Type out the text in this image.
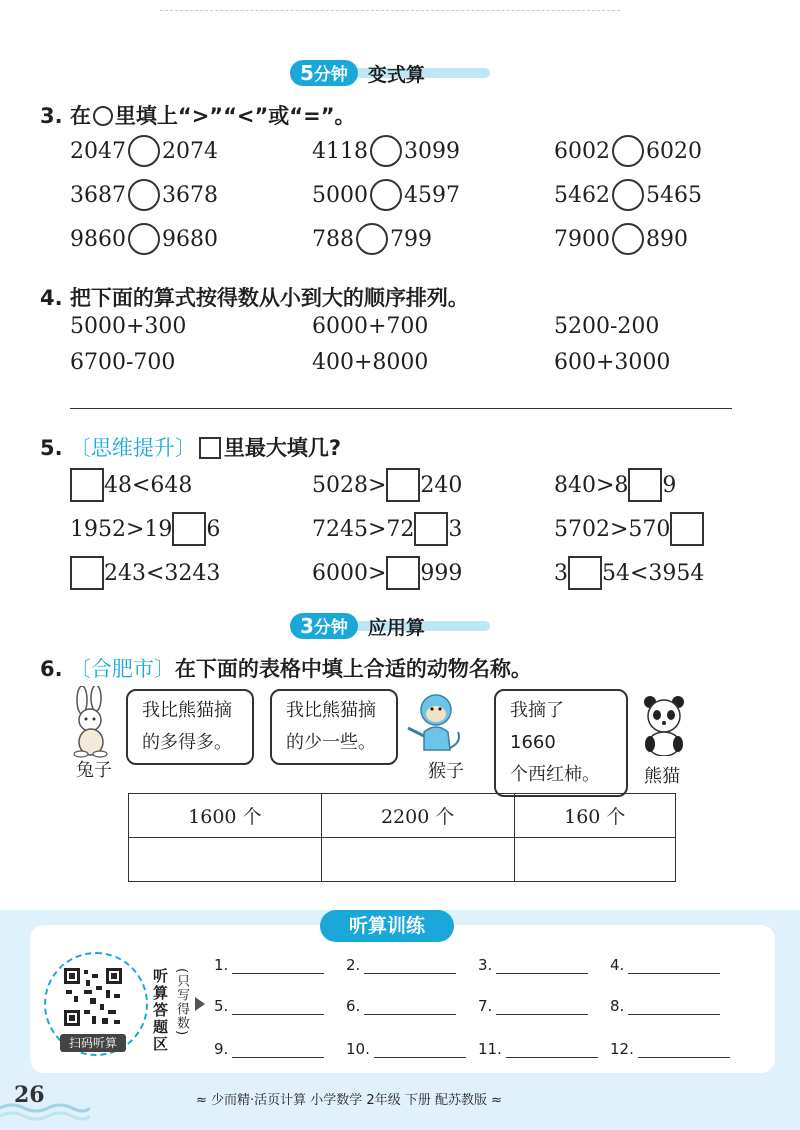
5分钟	变式算
3. 在 里填上“>”“<”或“=”。
2047 2074	4118 3099	6002 6020
3687 3678	5000 4597	5462 5465
9860 9680	788 799	7900 890
4. 把下面的算式按得数从小到大的顺序排列。
5000+300	6000+700	5200-200
6700-700	400+8000	600+3000
5. 〔思维提升〕 里最大填几?
48<648	5028> 240	840>8 9
1952>19 6	7245>72 3	5702>570
243<3243	6000> 999	3 54<3954
3分钟	应用算
6. 〔合肥市〕在下面的表格中填上合适的动物名称。
兔子
我比熊猫摘
的多得多。
我比熊猫摘
的少一些。
猴子
我摘了 1660
个西红柿。	熊猫
1600 个	2200 个	160 个

听算训练
扫码听算	听算答题区 (只写得数)
1.	2.	3.	4.
5.	6.	7.	8.
9.	10.	11.	12.
26	≈ 少而精·活页计算 小学数学 2年级 下册 配苏教版 ≈
